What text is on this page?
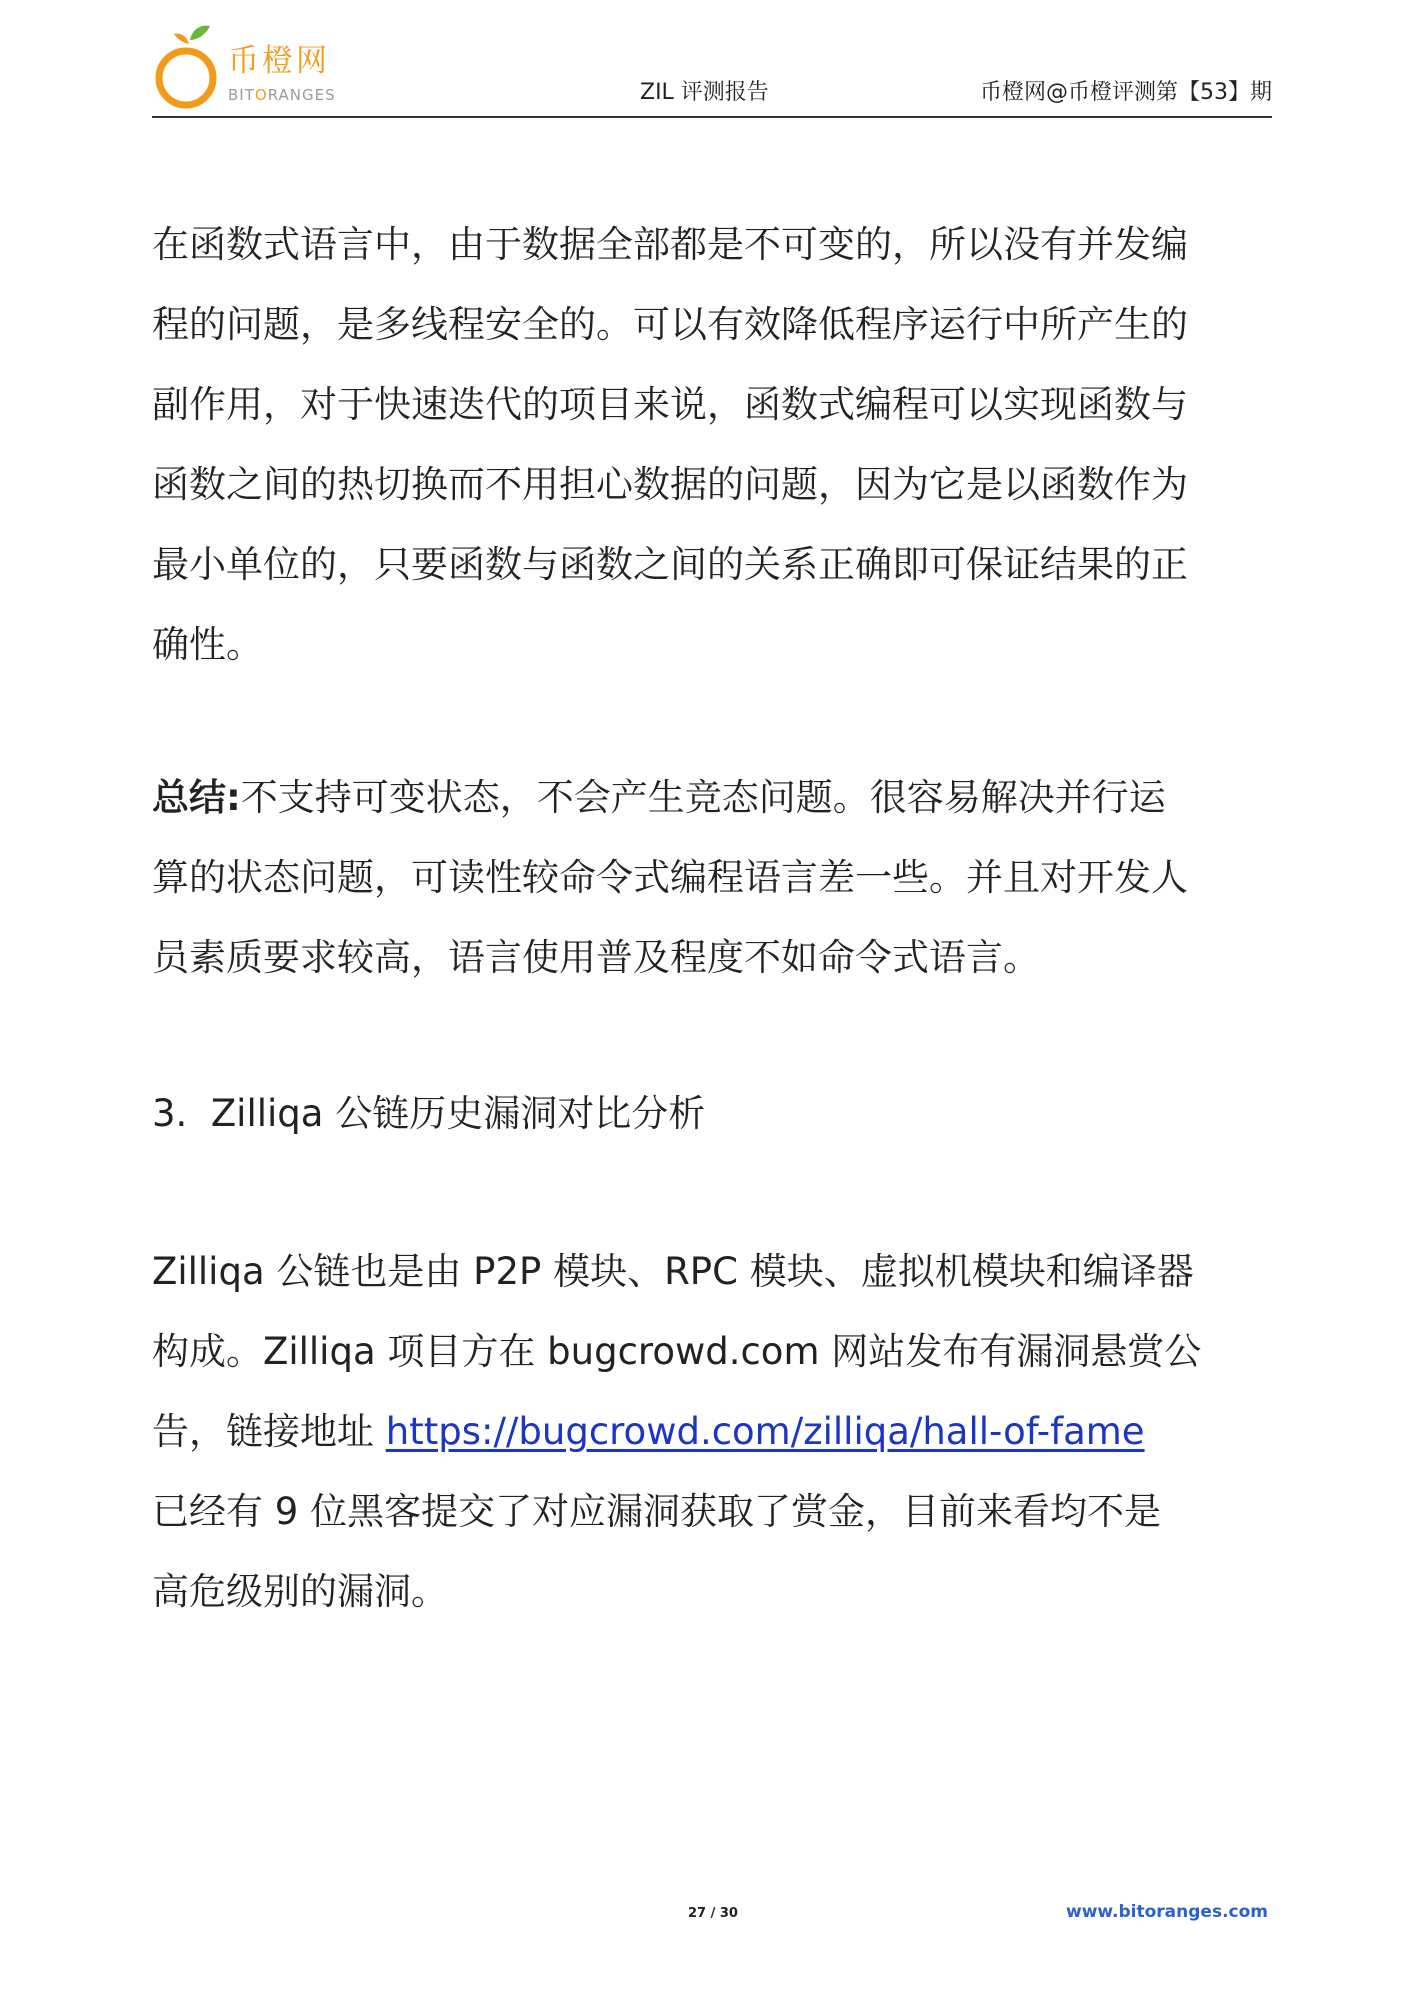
币橙网
BITORANGES	ZIL 评测报告	币橙网@币橙评测第【53】期
在函数式语言中，由于数据全部都是不可变的，所以没有并发编
程的问题，是多线程安全的。可以有效降低程序运行中所产生的
副作用，对于快速迭代的项目来说，函数式编程可以实现函数与
函数之间的热切换而不用担心数据的问题，因为它是以函数作为
最小单位的，只要函数与函数之间的关系正确即可保证结果的正
确性。
总结:不支持可变状态，不会产生竞态问题。很容易解决并行运
算的状态问题，可读性较命令式编程语言差一些。并且对开发人
员素质要求较高，语言使用普及程度不如命令式语言。
3.  Zilliqa 公链历史漏洞对比分析
Zilliqa 公链也是由 P2P 模块、RPC 模块、虚拟机模块和编译器
构成。Zilliqa 项目方在 bugcrowd.com 网站发布有漏洞悬赏公
告，链接地址 https://bugcrowd.com/zilliqa/hall-of-fame
已经有 9 位黑客提交了对应漏洞获取了赏金，目前来看均不是
高危级别的漏洞。
27 / 30	www.bitoranges.com
